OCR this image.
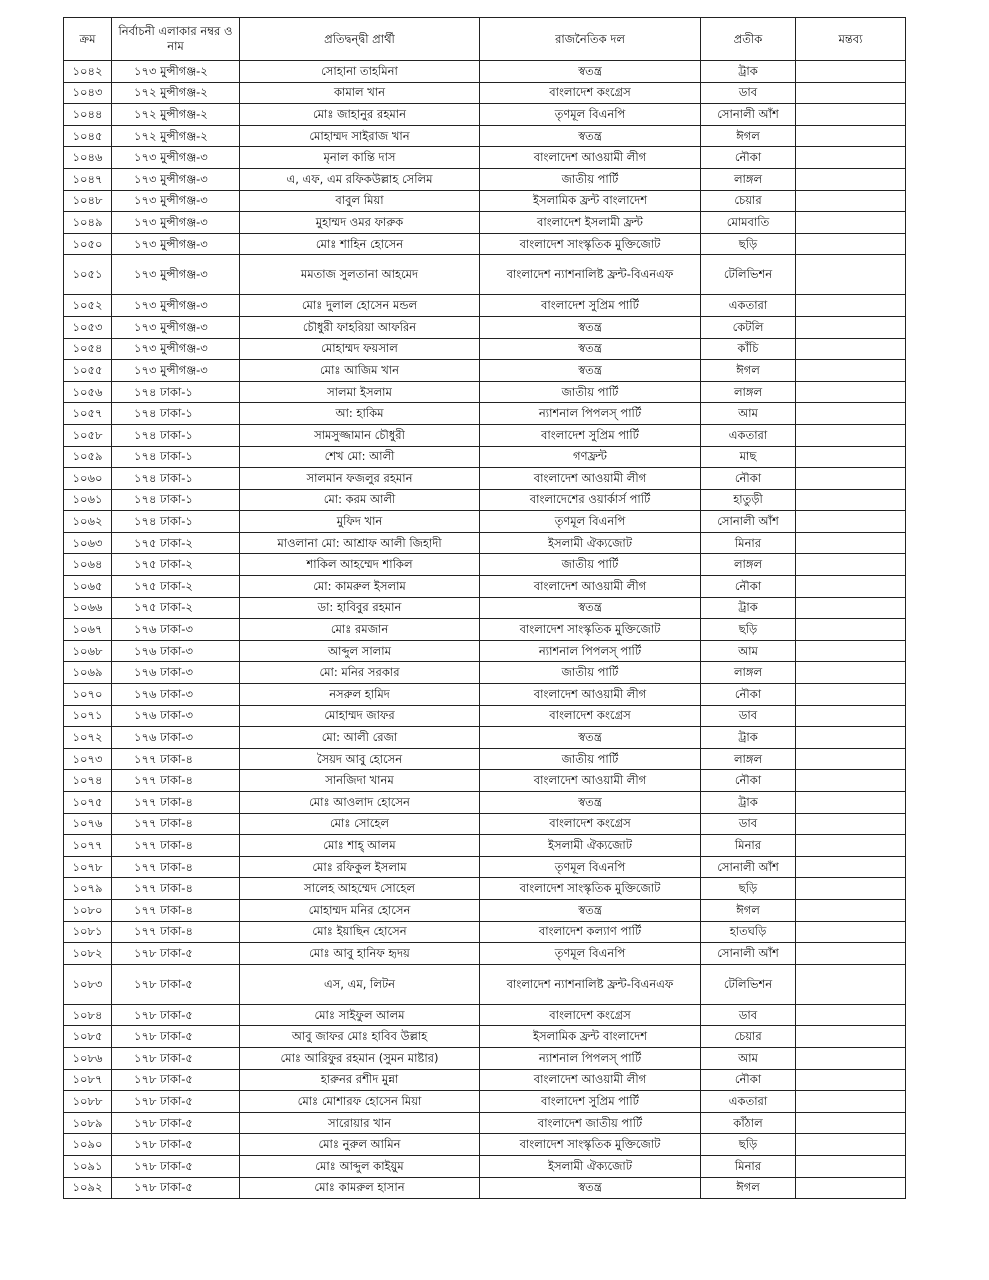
ক্রম	নির্বাচনী এলাকার নম্বর ও নাম	প্রতিদ্বন্দ্বী প্রার্থী	রাজনৈতিক দল	প্রতীক	মন্তব্য
১০৪২	১৭৩ মুন্সীগঞ্জ-২	সোহানা তাহমিনা	স্বতন্ত্র	ট্রাক	
১০৪৩	১৭২ মুন্সীগঞ্জ-২	কামাল খান	বাংলাদেশ কংগ্রেস	ডাব	
১০৪৪	১৭২ মুন্সীগঞ্জ-২	মোঃ জাহানুর রহমান	তৃণমূল বিএনপি	সোনালী আঁশ	
১০৪৫	১৭২ মুন্সীগঞ্জ-২	মোহাম্মদ সাইরাজ খান	স্বতন্ত্র	ঈগল	
১০৪৬	১৭৩ মুন্সীগঞ্জ-৩	মৃনাল কান্তি দাস	বাংলাদেশ আওয়ামী লীগ	নৌকা	
১০৪৭	১৭৩ মুন্সীগঞ্জ-৩	এ, এফ, এম রফিকউল্লাহ সেলিম	জাতীয় পার্টি	লাঙ্গল	
১০৪৮	১৭৩ মুন্সীগঞ্জ-৩	বাবুল মিয়া	ইসলামিক ফ্রন্ট বাংলাদেশ	চেয়ার	
১০৪৯	১৭৩ মুন্সীগঞ্জ-৩	মুহাম্মদ ওমর ফারুক	বাংলাদেশ ইসলামী ফ্রন্ট	মোমবাতি	
১০৫০	১৭৩ মুন্সীগঞ্জ-৩	মোঃ শাহিন হোসেন	বাংলাদেশ সাংস্কৃতিক মুক্তিজোট	ছড়ি	
১০৫১	১৭৩ মুন্সীগঞ্জ-৩	মমতাজ সুলতানা আহমেদ	বাংলাদেশ ন্যাশনালিষ্ট ফ্রন্ট-বিএনএফ	টেলিভিশন	
১০৫২	১৭৩ মুন্সীগঞ্জ-৩	মোঃ দুলাল হোসেন মন্ডল	বাংলাদেশ সুপ্রিম পার্টি	একতারা	
১০৫৩	১৭৩ মুন্সীগঞ্জ-৩	চৌধুরী ফাহরিয়া আফরিন	স্বতন্ত্র	কেটলি	
১০৫৪	১৭৩ মুন্সীগঞ্জ-৩	মোহাম্মদ ফয়সাল	স্বতন্ত্র	কাঁচি	
১০৫৫	১৭৩ মুন্সীগঞ্জ-৩	মোঃ আজিম খান	স্বতন্ত্র	ঈগল	
১০৫৬	১৭৪ ঢাকা-১	সালমা ইসলাম	জাতীয় পার্টি	লাঙ্গল	
১০৫৭	১৭৪ ঢাকা-১	আ: হাকিম	ন্যাশনাল পিপলস্ পার্টি	আম	
১০৫৮	১৭৪ ঢাকা-১	সামসুজ্জামান চৌধুরী	বাংলাদেশ সুপ্রিম পার্টি	একতারা	
১০৫৯	১৭৪ ঢাকা-১	শেখ মো: আলী	গণফ্রন্ট	মাছ	
১০৬০	১৭৪ ঢাকা-১	সালমান ফজলুর রহমান	বাংলাদেশ আওয়ামী লীগ	নৌকা	
১০৬১	১৭৪ ঢাকা-১	মো: করম আলী	বাংলাদেশের ওয়ার্কার্স পার্টি	হাতুড়ী	
১০৬২	১৭৪ ঢাকা-১	মুফিদ খান	তৃণমূল বিএনপি	সোনালী আঁশ	
১০৬৩	১৭৫ ঢাকা-২	মাওলানা মো: আশ্রাফ আলী জিহাদী	ইসলামী ঐক্যজোট	মিনার	
১০৬৪	১৭৫ ঢাকা-২	শাকিল আহম্মেদ শাকিল	জাতীয় পার্টি	লাঙ্গল	
১০৬৫	১৭৫ ঢাকা-২	মো: কামরুল ইসলাম	বাংলাদেশ আওয়ামী লীগ	নৌকা	
১০৬৬	১৭৫ ঢাকা-২	ডা: হাবিবুর রহমান	স্বতন্ত্র	ট্রাক	
১০৬৭	১৭৬ ঢাকা-৩	মোঃ রমজান	বাংলাদেশ সাংস্কৃতিক মুক্তিজোট	ছড়ি	
১০৬৮	১৭৬ ঢাকা-৩	আব্দুল সালাম	ন্যাশনাল পিপলস্ পার্টি	আম	
১০৬৯	১৭৬ ঢাকা-৩	মো: মনির সরকার	জাতীয় পার্টি	লাঙ্গল	
১০৭০	১৭৬ ঢাকা-৩	নসরুল হামিদ	বাংলাদেশ আওয়ামী লীগ	নৌকা	
১০৭১	১৭৬ ঢাকা-৩	মোহাম্মদ জাফর	বাংলাদেশ কংগ্রেস	ডাব	
১০৭২	১৭৬ ঢাকা-৩	মো: আলী রেজা	স্বতন্ত্র	ট্রাক	
১০৭৩	১৭৭ ঢাকা-৪	সৈয়দ আবু হোসেন	জাতীয় পার্টি	লাঙ্গল	
১০৭৪	১৭৭ ঢাকা-৪	সানজিদা খানম	বাংলাদেশ আওয়ামী লীগ	নৌকা	
১০৭৫	১৭৭ ঢাকা-৪	মোঃ আওলাদ হোসেন	স্বতন্ত্র	ট্রাক	
১০৭৬	১৭৭ ঢাকা-৪	মোঃ সোহেল	বাংলাদেশ কংগ্রেস	ডাব	
১০৭৭	১৭৭ ঢাকা-৪	মোঃ শাহ্ আলম	ইসলামী ঐক্যজোট	মিনার	
১০৭৮	১৭৭ ঢাকা-৪	মোঃ রফিকুল ইসলাম	তৃণমূল বিএনপি	সোনালী আঁশ	
১০৭৯	১৭৭ ঢাকা-৪	সালেহ আহম্মেদ সোহেল	বাংলাদেশ সাংস্কৃতিক মুক্তিজোট	ছড়ি	
১০৮০	১৭৭ ঢাকা-৪	মোহাম্মদ মনির হোসেন	স্বতন্ত্র	ঈগল	
১০৮১	১৭৭ ঢাকা-৪	মোঃ ইয়াছিন হোসেন	বাংলাদেশ কল্যাণ পার্টি	হাতঘড়ি	
১০৮২	১৭৮ ঢাকা-৫	মোঃ আবু হানিফ হৃদয়	তৃণমূল বিএনপি	সোনালী আঁশ	
১০৮৩	১৭৮ ঢাকা-৫	এস, এম, লিটন	বাংলাদেশ ন্যাশনালিষ্ট ফ্রন্ট-বিএনএফ	টেলিভিশন	
১০৮৪	১৭৮ ঢাকা-৫	মোঃ সাইফুল আলম	বাংলাদেশ কংগ্রেস	ডাব	
১০৮৫	১৭৮ ঢাকা-৫	আবু জাফর মোঃ হাবিব উল্লাহ	ইসলামিক ফ্রন্ট বাংলাদেশ	চেয়ার	
১০৮৬	১৭৮ ঢাকা-৫	মোঃ আরিফুর রহমান (সুমন মাষ্টার)	ন্যাশনাল পিপলস্ পার্টি	আম	
১০৮৭	১৭৮ ঢাকা-৫	হারুনর রশীদ মুন্না	বাংলাদেশ আওয়ামী লীগ	নৌকা	
১০৮৮	১৭৮ ঢাকা-৫	মোঃ মোশারফ হোসেন মিয়া	বাংলাদেশ সুপ্রিম পার্টি	একতারা	
১০৮৯	১৭৮ ঢাকা-৫	সারোয়ার খান	বাংলাদেশ জাতীয় পার্টি	কাঁঠাল	
১০৯০	১৭৮ ঢাকা-৫	মোঃ নুরুল আমিন	বাংলাদেশ সাংস্কৃতিক মুক্তিজোট	ছড়ি	
১০৯১	১৭৮ ঢাকা-৫	মোঃ আব্দুল কাইয়ুম	ইসলামী ঐক্যজোট	মিনার	
১০৯২	১৭৮ ঢাকা-৫	মোঃ কামরুল হাসান	স্বতন্ত্র	ঈগল	
